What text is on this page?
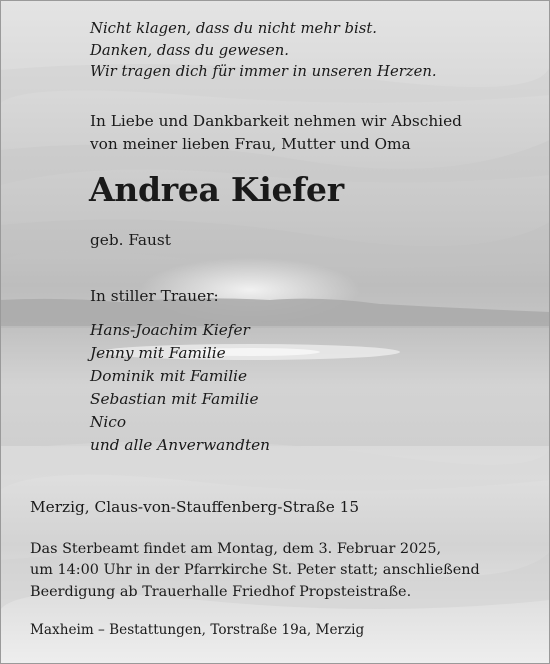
Nicht klagen, dass du nicht mehr bist.
Danken, dass du gewesen.
Wir tragen dich für immer in unseren Herzen.
In Liebe und Dankbarkeit nehmen wir Abschied
von meiner lieben Frau, Mutter und Oma
Andrea Kiefer
geb. Faust
In stiller Trauer:
Hans-Joachim Kiefer
Jenny mit Familie
Dominik mit Familie
Sebastian mit Familie
Nico
und alle Anverwandten
Merzig, Claus-von-Stauffenberg-Straße 15
Das Sterbeamt findet am Montag, dem 3. Februar 2025,
um 14:00 Uhr in der Pfarrkirche St. Peter statt; anschließend
Beerdigung ab Trauerhalle Friedhof Propsteistraße.
Maxheim – Bestattungen, Torstraße 19a, Merzig
